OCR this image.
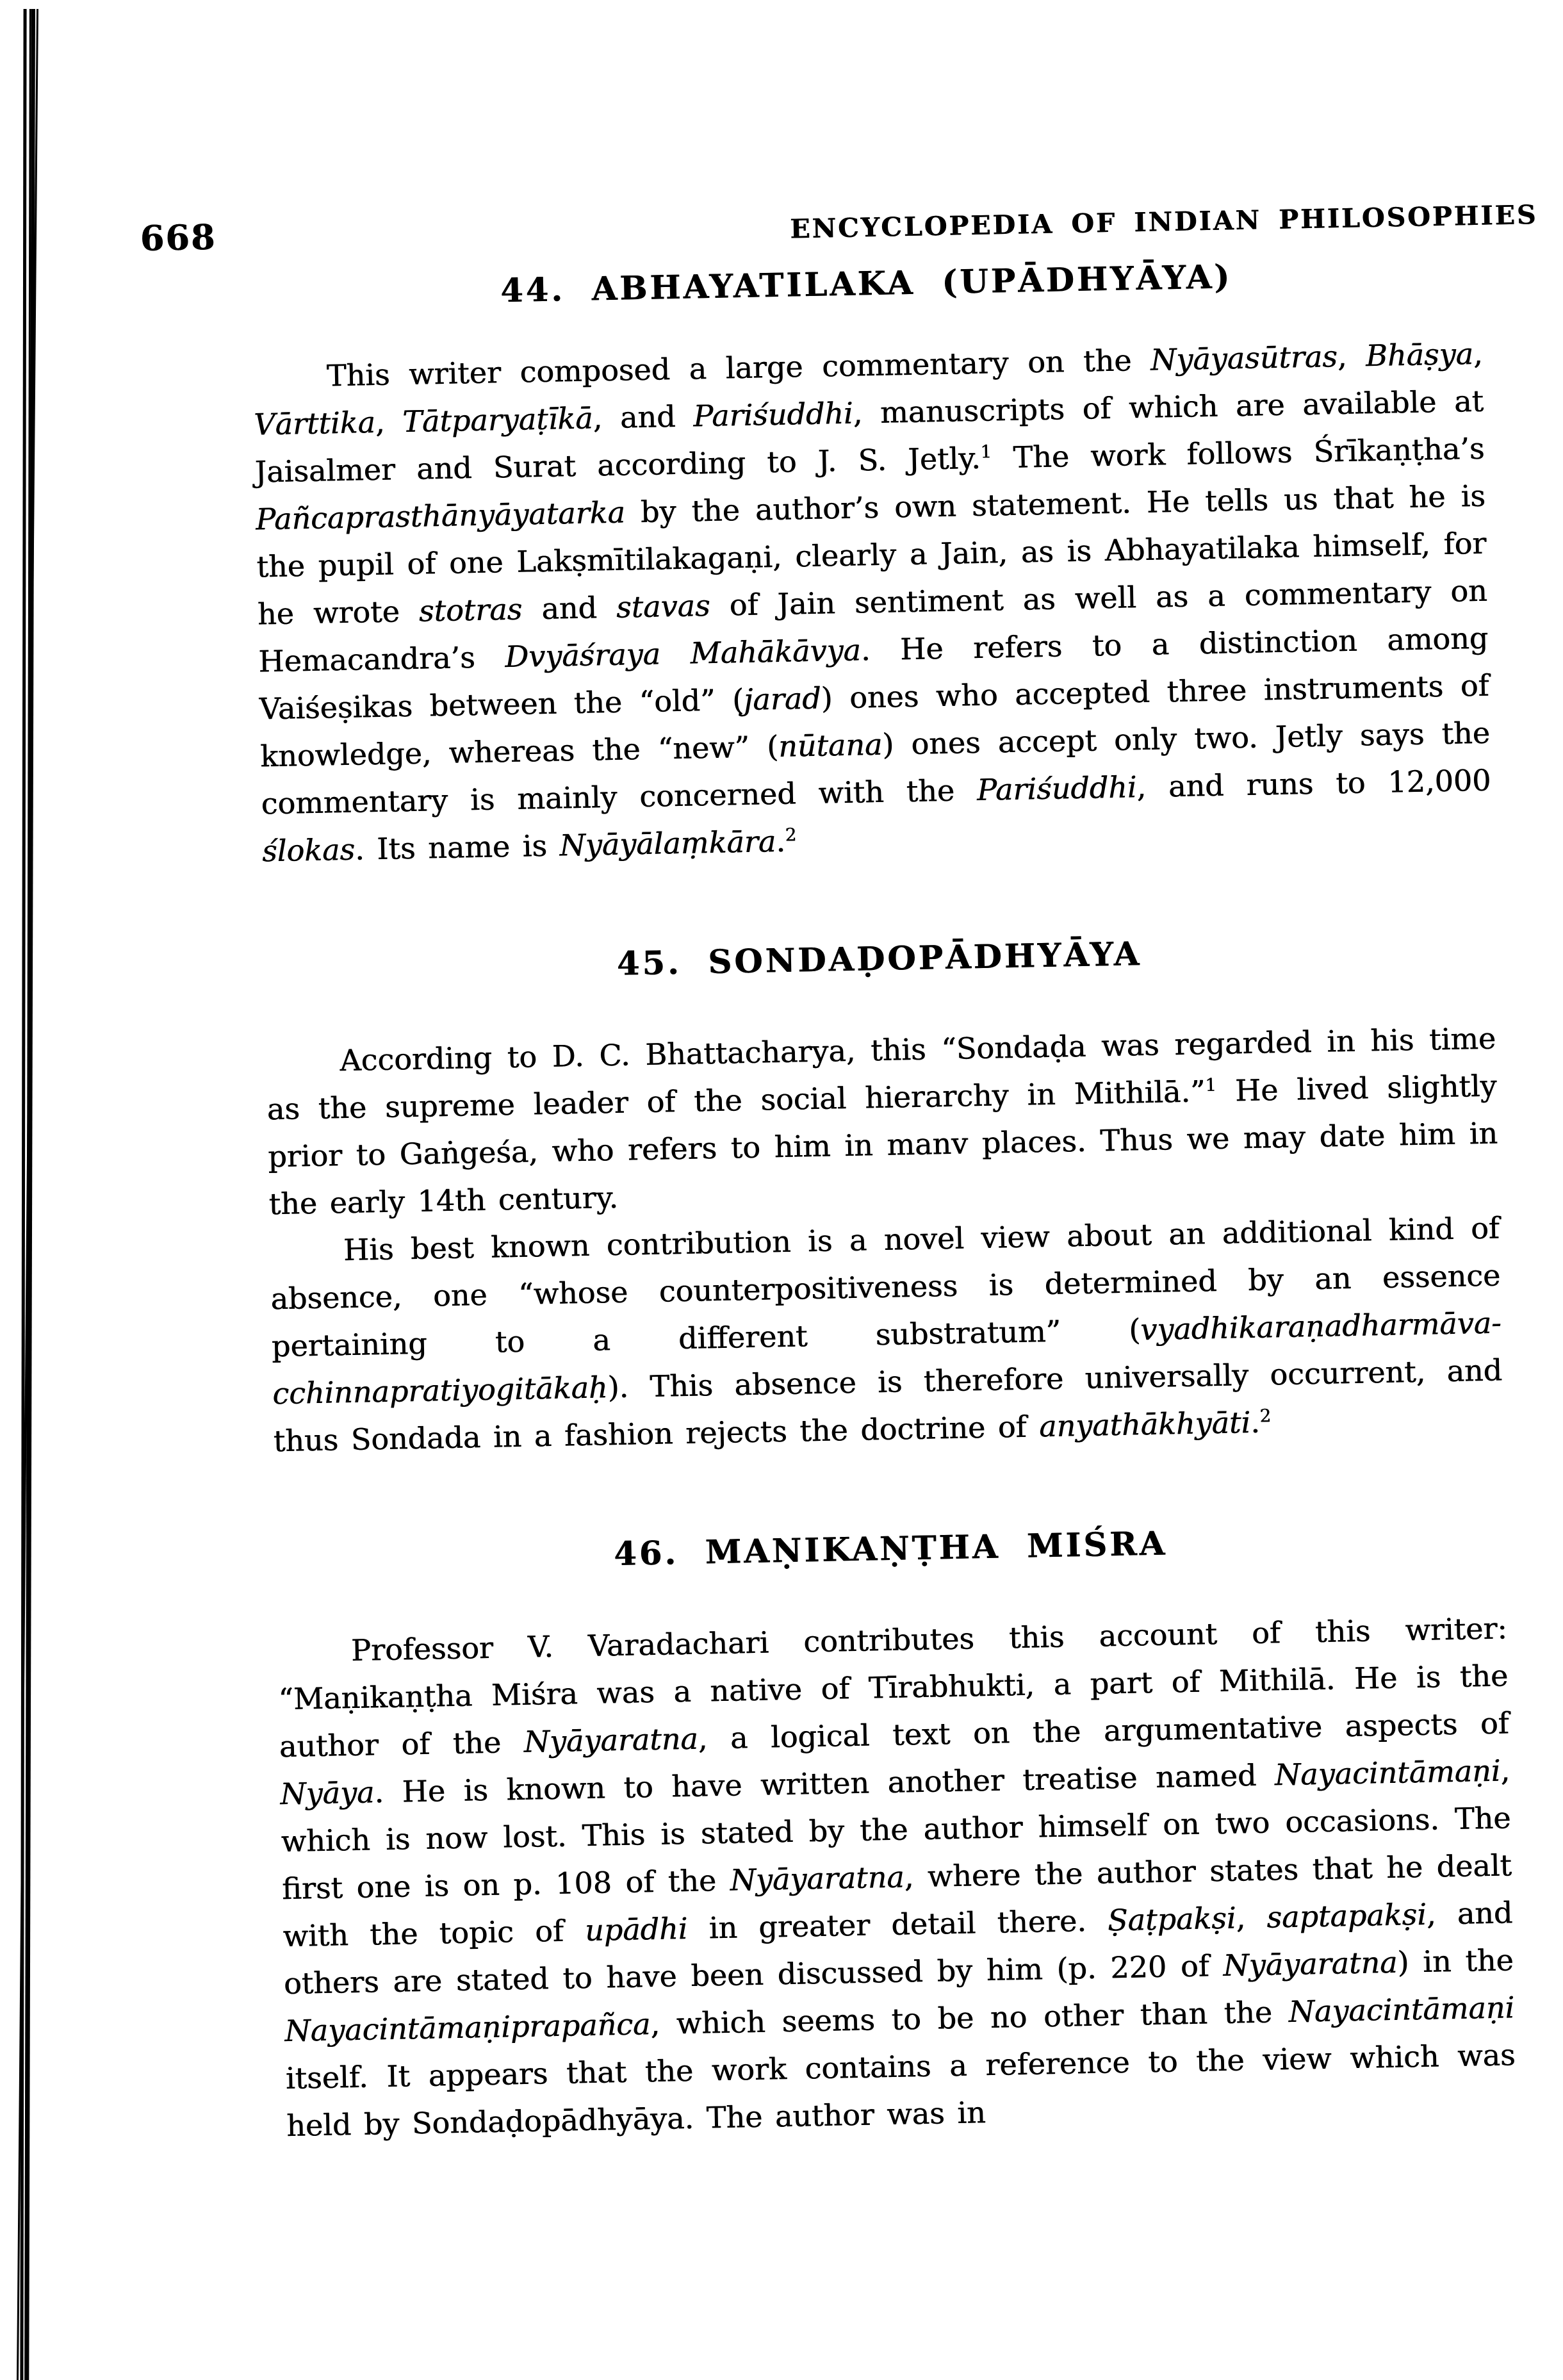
668	ENCYCLOPEDIA OF INDIAN PHILOSOPHIES
44. ABHAYATILAKA (UPĀDHYĀYA)

This writer composed a large commentary on the Nyāyasūtras, Bhāṣya, Vārttika, Tātparyaṭīkā, and Pariśuddhi, manuscripts of which are available at Jaisalmer and Surat according to J. S. Jetly.$^1$ The work follows Śrīkaṇṭha’s Pañcaprasthānyāyatarka by the author’s own statement. He tells us that he is the pupil of one Lakṣmītilakagaṇi, clearly a Jain, as is Abhayatilaka himself, for he wrote stotras and stavas of Jain sentiment as well as a commentary on Hemacandra’s Dvyāśraya Mahākāvya. He refers to a distinction among Vaiśeṣikas between the “old” (jarad) ones who accepted three instruments of knowledge, whereas the “new” (nūtana) ones accept only two. Jetly says the commentary is mainly concerned with the Pariśuddhi, and runs to 12,000 ślokas. Its name is Nyāyālaṃkāra.$^2$

45. SONDAḌOPĀDHYĀYA

According to D. C. Bhattacharya, this “Sondaḍa was regarded in his time as the supreme leader of the social hierarchy in Mithilā.”$^1$ He lived slightly prior to Gaṅgeśa, who refers to him in manv places. Thus we may date him in the early 14th century.

His best known contribution is a novel view about an additional kind of absence, one “whose counterpositiveness is determined by an essence pertaining to a different substratum” (vyadhikaraṇadharmāva-cchinnapratiyogitākaḥ). This absence is therefore universally occurrent, and thus Sondada in a fashion rejects the doctrine of anyathākhyāti.$^2$

46. MAṆIKAṆṬHA MIŚRA

Professor V. Varadachari contributes this account of this writer: “Maṇikaṇṭha Miśra was a native of Tīrabhukti, a part of Mithilā. He is the author of the Nyāyaratna, a logical text on the argumentative aspects of Nyāya. He is known to have written another treatise named Nayacintāmaṇi, which is now lost. This is stated by the author himself on two occasions. The first one is on p. 108 of the Nyāyaratna, where the author states that he dealt with the topic of upādhi in greater detail there. Ṣaṭpakṣi, saptapakṣi, and others are stated to have been discussed by him (p. 220 of Nyāyaratna) in the Nayacintāmaṇiprapañca, which seems to be no other than the Nayacintāmaṇi itself. It appears that the work contains a reference to the view which was held by Sondaḍopādhyāya. The author was in
